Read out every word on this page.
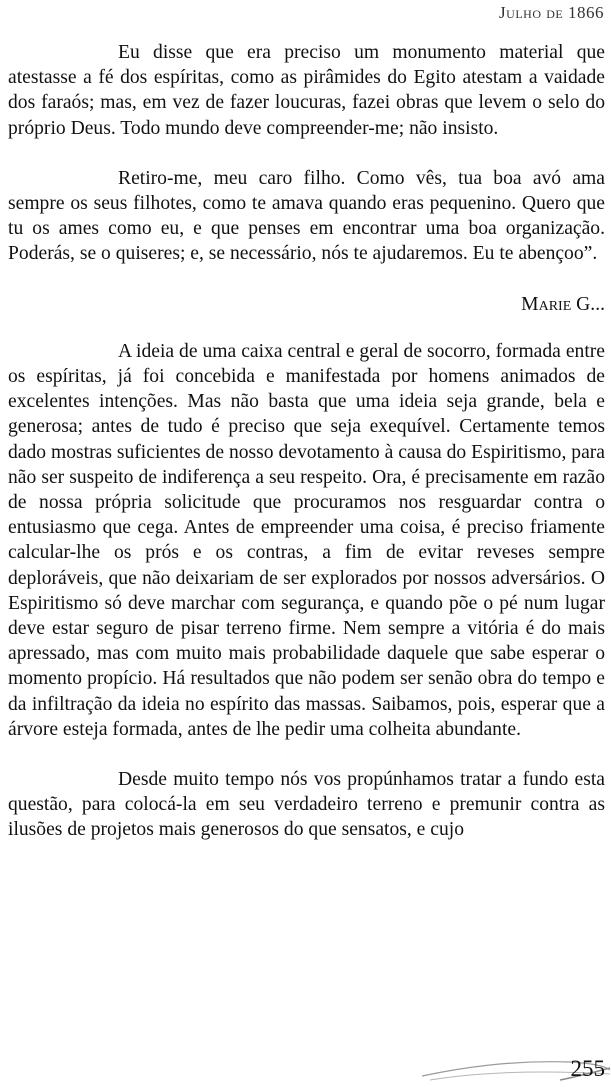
Julho de 1866

Eu disse que era preciso um monumento material que atestasse a fé dos espíritas, como as pirâmides do Egito atestam a vaidade dos faraós; mas, em vez de fazer loucuras, fazei obras que levem o selo do próprio Deus. Todo mundo deve compreender-me; não insisto.

Retiro-me, meu caro filho. Como vês, tua boa avó ama sempre os seus filhotes, como te amava quando eras pequenino. Quero que tu os ames como eu, e que penses em encontrar uma boa organização. Poderás, se o quiseres; e, se necessário, nós te ajudaremos. Eu te abençoo”.

Marie G...

A ideia de uma caixa central e geral de socorro, formada entre os espíritas, já foi concebida e manifestada por homens animados de excelentes intenções. Mas não basta que uma ideia seja grande, bela e generosa; antes de tudo é preciso que seja exequível. Certamente temos dado mostras suficientes de nosso devotamento à causa do Espiritismo, para não ser suspeito de indiferença a seu respeito. Ora, é precisamente em razão de nossa própria solicitude que procuramos nos resguardar contra o entusiasmo que cega. Antes de empreender uma coisa, é preciso friamente calcular-lhe os prós e os contras, a fim de evitar reveses sempre deploráveis, que não deixariam de ser explorados por nossos adversários. O Espiritismo só deve marchar com segurança, e quando põe o pé num lugar deve estar seguro de pisar terreno firme. Nem sempre a vitória é do mais apressado, mas com muito mais probabilidade daquele que sabe esperar o momento propício. Há resultados que não podem ser senão obra do tempo e da infiltração da ideia no espírito das massas. Saibamos, pois, esperar que a árvore esteja formada, antes de lhe pedir uma colheita abundante.

Desde muito tempo nós vos propúnhamos tratar a fundo esta questão, para colocá-la em seu verdadeiro terreno e premunir contra as ilusões de projetos mais generosos do que sensatos, e cujo

255
